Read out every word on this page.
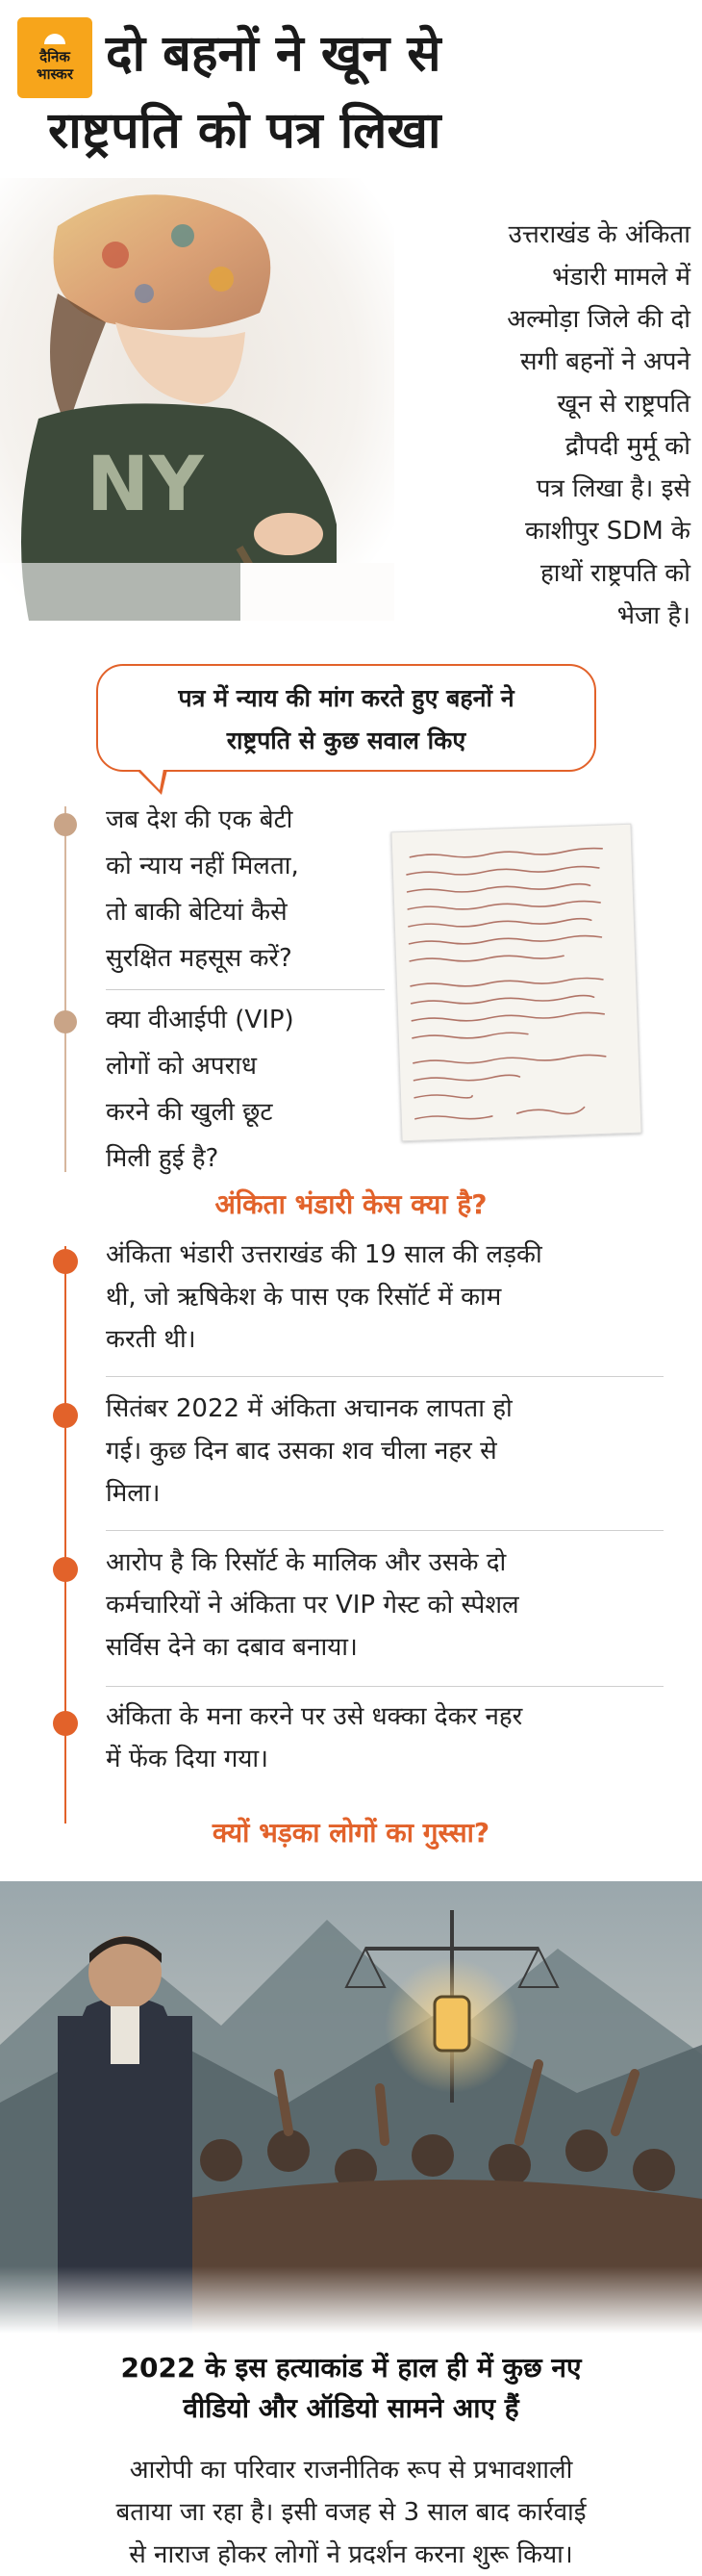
दैनिक
भास्कर दो बहनों ने खून से
राष्ट्रपति को पत्र लिखा
NY
उत्तराखंड के अंकिता
भंडारी मामले में
अल्मोड़ा जिले की दो
सगी बहनों ने अपने
खून से राष्ट्रपति
द्रौपदी मुर्मू को
पत्र लिखा है। इसे
काशीपुर SDM के
हाथों राष्ट्रपति को
भेजा है।
पत्र में न्याय की मांग करते हुए बहनों ने
राष्ट्रपति से कुछ सवाल किए
जब देश की एक बेटी
को न्याय नहीं मिलता,
तो बाकी बेटियां कैसे
सुरक्षित महसूस करें?
क्या वीआईपी (VIP)
लोगों को अपराध
करने की खुली छूट
मिली हुई है?
अंकिता भंडारी केस क्या है?
अंकिता भंडारी उत्तराखंड की 19 साल की लड़की
थी, जो ऋषिकेश के पास एक रिसॉर्ट में काम
करती थी।
सितंबर 2022 में अंकिता अचानक लापता हो
गई। कुछ दिन बाद उसका शव चीला नहर से
मिला।
आरोप है कि रिसॉर्ट के मालिक और उसके दो
कर्मचारियों ने अंकिता पर VIP गेस्ट को स्पेशल
सर्विस देने का दबाव बनाया।
अंकिता के मना करने पर उसे धक्का देकर नहर
में फेंक दिया गया।
क्यों भड़का लोगों का गुस्सा?
2022 के इस हत्याकांड में हाल ही में कुछ नए
वीडियो और ऑडियो सामने आए हैं
आरोपी का परिवार राजनीतिक रूप से प्रभावशाली
बताया जा रहा है। इसी वजह से 3 साल बाद कार्रवाई
से नाराज होकर लोगों ने प्रदर्शन करना शुरू किया।
